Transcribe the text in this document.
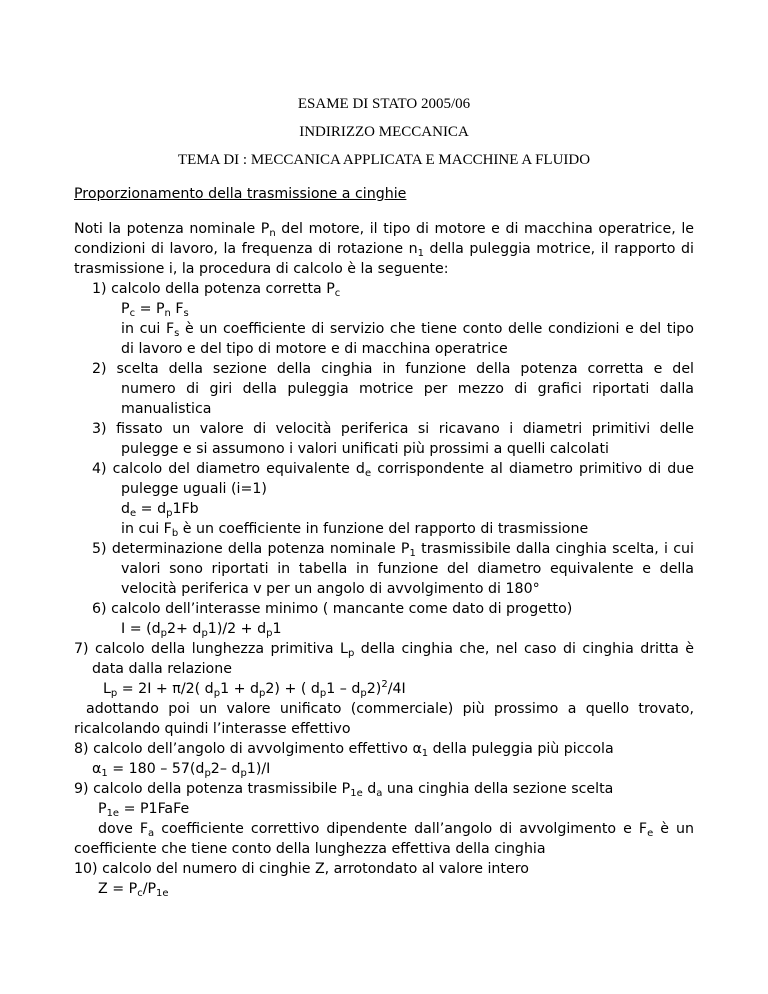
ESAME DI STATO 2005/06
INDIRIZZO MECCANICA
TEMA DI : MECCANICA APPLICATA E MACCHINE A FLUIDO
Proporzionamento della trasmissione a cinghie
Noti la potenza nominale $P_n$ del motore, il tipo di motore e di macchina operatrice, le
condizioni di lavoro, la frequenza di rotazione $n_1$ della puleggia motrice, il rapporto di
trasmissione i, la procedura di calcolo è la seguente:
1) calcolo della potenza corretta $P_c$
$P_c = P_n$ $F_s$
in cui $F_s$ è un coefficiente di servizio che tiene conto delle condizioni e del tipo
di lavoro e del tipo di motore e di macchina operatrice
2) scelta della sezione della cinghia in funzione della potenza corretta e del
numero di giri della puleggia motrice per mezzo di grafici riportati dalla
manualistica
3) fissato un valore di velocità periferica si ricavano i diametri primitivi delle
pulegge e si assumono i valori unificati più prossimi a quelli calcolati
4) calcolo del diametro equivalente $d_e$ corrispondente al diametro primitivo di due
pulegge uguali (i=1)
$d_e = d_p1Fb$
in cui $F_b$ è un coefficiente in funzione del rapporto di trasmissione
5) determinazione della potenza nominale $P_1$ trasmissibile dalla cinghia scelta, i cui
valori sono riportati in tabella in funzione del diametro equivalente e della
velocità periferica v per un angolo di avvolgimento di 180°
6) calcolo dell’interasse minimo ( mancante come dato di progetto)
$I = (d_p2+ d_p1)/2 + d_p1$
7) calcolo della lunghezza primitiva $L_p$ della cinghia che, nel caso di cinghia dritta è
data dalla relazione
$L_p = 2I + \pi/2$( $d_p1 + d_p2$) + ( $d_p1 - d_p2)^2/4I$
adottando poi un valore unificato (commerciale) più prossimo a quello trovato,
ricalcolando quindi l’interasse effettivo
8) calcolo dell’angolo di avvolgimento effettivo $\alpha_1$ della puleggia più piccola
$\alpha_1 = 180 - 57(d_p2-$ $d_p1)/I$
9) calcolo della potenza trasmissibile $P_{1e}$ $d_a$ una cinghia della sezione scelta
$P_{1e}$ = P1FaFe
dove $F_a$ coefficiente correttivo dipendente dall’angolo di avvolgimento e $F_e$ è un
coefficiente che tiene conto della lunghezza effettiva della cinghia
10) calcolo del numero di cinghie Z, arrotondato al valore intero
$Z = P_c/P_{1e}$
